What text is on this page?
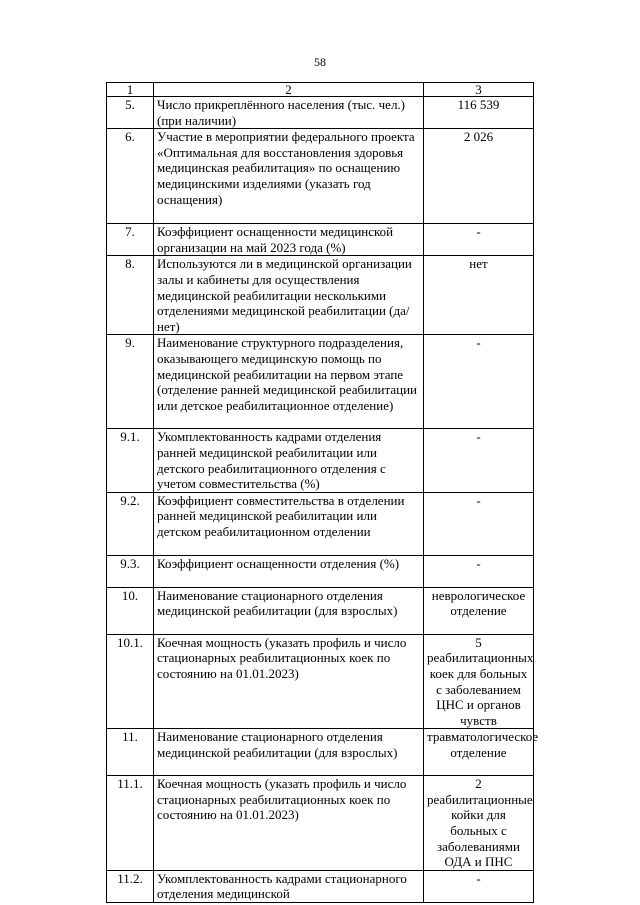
58
1	2	3
5.	Число прикреплённого населения (тыс. чел.) (при наличии)	116 539
6.	Участие в мероприятии федерального проекта «Оптимальная для восстановления здоровья медицинская реабилитация» по оснащению медицинскими изделиями (указать год оснащения)	2 026
7.	Коэффициент оснащенности медицинской организации на май 2023 года (%)	-
8.	Используются ли в медицинской организации залы и кабинеты для осуществления медицинской реабилитации несколькими отделениями медицинской реабилитации (да/нет)	нет
9.	Наименование структурного подразделения, оказывающего медицинскую помощь по медицинской реабилитации на первом этапе (отделение ранней медицинской реабилитации или детское реабилитационное отделение)	-
9.1.	Укомплектованность кадрами отделения ранней медицинской реабилитации или детского реабилитационного отделения с учетом совместительства (%)	-
9.2.	Коэффициент совместительства в отделении ранней медицинской реабилитации или детском реабилитационном отделении	-
9.3.	Коэффициент оснащенности отделения (%)	-
10.	Наименование стационарного отделения медицинской реабилитации (для взрослых)	неврологическое отделение
10.1.	Коечная мощность (указать профиль и число стационарных реабилитационных коек по состоянию на 01.01.2023)	5 реабилитационных коек для больных с заболеванием ЦНС и органов чувств
11.	Наименование стационарного отделения медицинской реабилитации (для взрослых)	травматологическое отделение
11.1.	Коечная мощность (указать профиль и число стационарных реабилитационных коек по состоянию на 01.01.2023)	2 реабилитационные койки для больных с заболеваниями ОДА и ПНС
11.2.	Укомплектованность кадрами стационарного отделения медицинской	-
